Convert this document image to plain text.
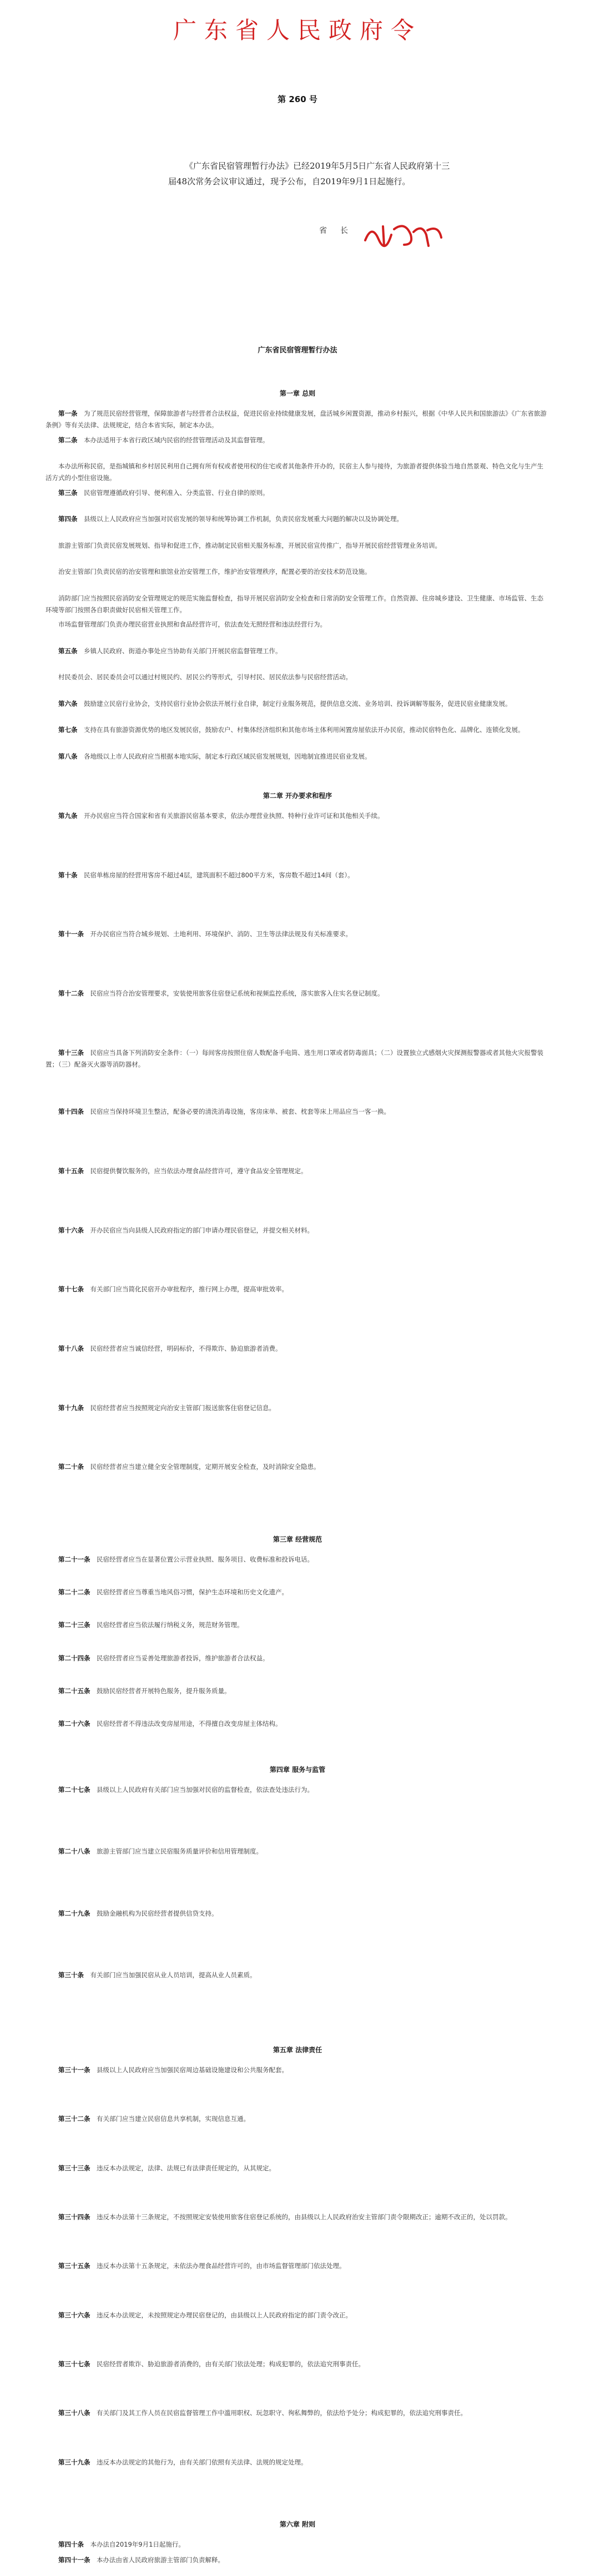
广东省人民政府令
第 260 号
《广东省民宿管理暂行办法》已经2019年5月5日广东省人民政府第十三届48次常务会议审议通过，现予公布，自2019年9月1日起施行。
省长
广东省民宿管理暂行办法
第一章 总则
第二章 开办要求和程序
第三章 经营规范
第四章 服务与监管
第五章 法律责任
第六章 附则
第一条　为了规范民宿经营管理，保障旅游者与经营者合法权益，促进民宿业持续健康发展，盘活城乡闲置资源，推动乡村振兴，根据《中华人民共和国旅游法》《广东省旅游条例》等有关法律、法规规定，结合本省实际，制定本办法。
第二条　本办法适用于本省行政区域内民宿的经营管理活动及其监督管理。
本办法所称民宿，是指城镇和乡村居民利用自己拥有所有权或者使用权的住宅或者其他条件开办的，民宿主人参与接待，为旅游者提供体验当地自然景观、特色文化与生产生活方式的小型住宿设施。
第三条　民宿管理遵循政府引导、便利准入、分类监管、行业自律的原则。
第四条　县级以上人民政府应当加强对民宿发展的领导和统筹协调工作机制，负责民宿发展重大问题的解决以及协调处理。
旅游主管部门负责民宿发展规划、指导和促进工作，推动制定民宿相关服务标准，开展民宿宣传推广，指导开展民宿经营管理业务培训。
治安主管部门负责民宿的治安管理和旅馆业治安管理工作，维护治安管理秩序，配置必要的治安技术防范设施。
消防部门应当按照民宿消防安全管理规定的规范实施监督检查，指导开展民宿消防安全检查和日常消防安全管理工作。自然资源、住房城乡建设、卫生健康、市场监管、生态环境等部门按照各自职责做好民宿相关管理工作。
市场监督管理部门负责办理民宿营业执照和食品经营许可，依法查处无照经营和违法经营行为。
第五条　乡镇人民政府、街道办事处应当协助有关部门开展民宿监督管理工作。
村民委员会、居民委员会可以通过村规民约、居民公约等形式，引导村民、居民依法参与民宿经营活动。
第六条　鼓励建立民宿行业协会，支持民宿行业协会依法开展行业自律，制定行业服务规范，提供信息交流、业务培训、投诉调解等服务，促进民宿业健康发展。
第七条　支持在具有旅游资源优势的地区发展民宿，鼓励农户、村集体经济组织和其他市场主体利用闲置房屋依法开办民宿，推动民宿特色化、品牌化、连锁化发展。
第八条　各地级以上市人民政府应当根据本地实际，制定本行政区域民宿发展规划，因地制宜推进民宿业发展。
第九条　开办民宿应当符合国家和省有关旅游民宿基本要求，依法办理营业执照、特种行业许可证和其他相关手续。
第十条　民宿单栋房屋的经营用客房不超过4层，建筑面积不超过800平方米，客房数不超过14间（套）。
第十一条　开办民宿应当符合城乡规划、土地利用、环境保护、消防、卫生等法律法规及有关标准要求。
第十二条　民宿应当符合治安管理要求，安装使用旅客住宿登记系统和视频监控系统，落实旅客入住实名登记制度。
第十三条　民宿应当具备下列消防安全条件：（一）每间客房按照住宿人数配备手电筒、逃生用口罩或者防毒面具；（二）设置独立式感烟火灾探测报警器或者其他火灾报警装置；（三）配备灭火器等消防器材。
第十四条　民宿应当保持环境卫生整洁，配备必要的清洗消毒设施，客房床单、被套、枕套等床上用品应当一客一换。
第十五条　民宿提供餐饮服务的，应当依法办理食品经营许可，遵守食品安全管理规定。
第十六条　开办民宿应当向县级人民政府指定的部门申请办理民宿登记，并提交相关材料。
第十七条　有关部门应当简化民宿开办审批程序，推行网上办理，提高审批效率。
第十八条　民宿经营者应当诚信经营，明码标价，不得欺诈、胁迫旅游者消费。
第十九条　民宿经营者应当按照规定向治安主管部门报送旅客住宿登记信息。
第二十条　民宿经营者应当建立健全安全管理制度，定期开展安全检查，及时消除安全隐患。
第二十一条　民宿经营者应当在显著位置公示营业执照、服务项目、收费标准和投诉电话。
第二十二条　民宿经营者应当尊重当地风俗习惯，保护生态环境和历史文化遗产。
第二十三条　民宿经营者应当依法履行纳税义务，规范财务管理。
第二十四条　民宿经营者应当妥善处理旅游者投诉，维护旅游者合法权益。
第二十五条　鼓励民宿经营者开展特色服务，提升服务质量。
第二十六条　民宿经营者不得违法改变房屋用途，不得擅自改变房屋主体结构。
第二十七条　县级以上人民政府有关部门应当加强对民宿的监督检查，依法查处违法行为。
第二十八条　旅游主管部门应当建立民宿服务质量评价和信用管理制度。
第二十九条　鼓励金融机构为民宿经营者提供信贷支持。
第三十条　有关部门应当加强民宿从业人员培训，提高从业人员素质。
第三十一条　县级以上人民政府应当加强民宿周边基础设施建设和公共服务配套。
第三十二条　有关部门应当建立民宿信息共享机制，实现信息互通。
第三十三条　违反本办法规定，法律、法规已有法律责任规定的，从其规定。
第三十四条　违反本办法第十三条规定，不按照规定安装使用旅客住宿登记系统的，由县级以上人民政府治安主管部门责令限期改正；逾期不改正的，处以罚款。
第三十五条　违反本办法第十五条规定，未依法办理食品经营许可的，由市场监督管理部门依法处理。
第三十六条　违反本办法规定，未按照规定办理民宿登记的，由县级以上人民政府指定的部门责令改正。
第三十七条　民宿经营者欺诈、胁迫旅游者消费的，由有关部门依法处理；构成犯罪的，依法追究刑事责任。
第三十八条　有关部门及其工作人员在民宿监督管理工作中滥用职权、玩忽职守、徇私舞弊的，依法给予处分；构成犯罪的，依法追究刑事责任。
第三十九条　违反本办法规定的其他行为，由有关部门依照有关法律、法规的规定处理。
第四十条　本办法自2019年9月1日起施行。
第四十一条　本办法由省人民政府旅游主管部门负责解释。
